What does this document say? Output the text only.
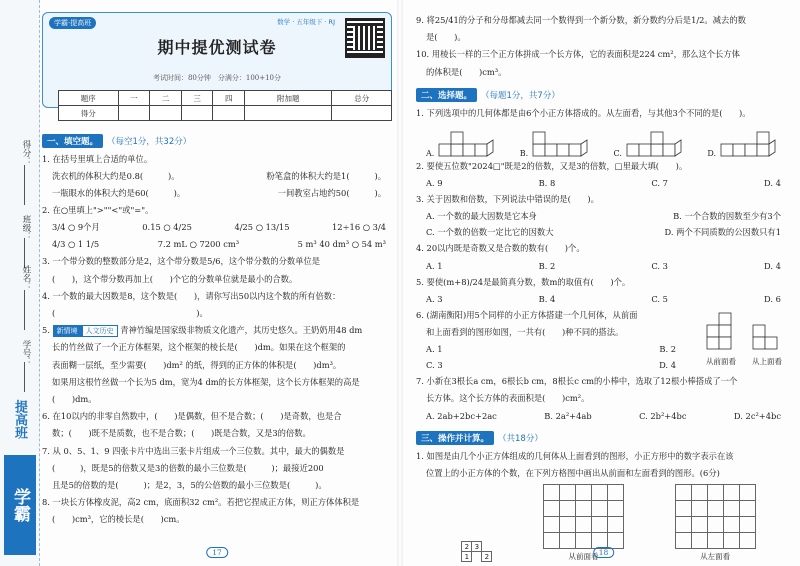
得分：
班级：
姓名：
学号：
提高班
学霸
学霸·提高班	数学 · 五年级下 · RJ
期中提优测试卷
考试时间：80分钟　分满分：100+10分
题序	一	二	三	四	附加题	总分
得分						
一、填空题。	（每空1分，共32分）
1. 在括号里填上合适的单位。
洗衣机的体积大约是0.8(　　　)。	粉笔盒的体积大约是1(　　　)。
一瓶眼水的体积大约是60(　　　)。	一间教室占地约50(　　　)。
2. 在○里填上">""<"或"="。
3/4 ○ 9个月	0.15 ○ 4/25	4/25 ○ 13/15	12÷16 ○ 3/4
4/3 ○ 1 1/5	7.2 mL ○ 7200 cm³	5 m³ 40 dm³ ○ 54 m³
3. 一个带分数的整数部分是2，这个带分数是5/6，这个带分数的分数单位是
(　　)，这个带分数再加上(　　)个它的分数单位就是最小的合数。
4. 一个数的最大因数是8，这个数是(　　)，请你写出50以内这个数的所有倍数：
(　　　　　　　　　　　　　　　　　)。
5. 新情境 人文历史 青神竹编是国家级非物质文化遗产，其历史悠久。王奶奶用48 dm
长的竹丝做了一个正方体框架，这个框架的棱长是(　　)dm。如果在这个框架的
表面糊一层纸，至少需要(　　)dm² 的纸，得到的正方体的体积是(　　)dm³。
如果用这根竹丝做一个长为5 dm，宽为4 dm的长方体框架，这个长方体框架的高是
(　　)dm。
6. 在10以内的非零自然数中，(　　)是偶数，但不是合数；(　　)是奇数，也是合
数；(　　)既不是质数，也不是合数；(　　)既是合数，又是3的倍数。
7. 从 0、5、1、9 四张卡片中选出三张卡片组成一个三位数。其中，最大的偶数是
(　　　)，既是5的倍数又是3的倍数的最小三位数是(　　　)；最接近200
且是5的倍数的是(　　　)；是2，3，5的公倍数的最小三位数是(　　　)。
8. 一块长方体橡皮泥，高2 cm，底面积32 cm²。若把它捏成正方体，则正方体体积是
(　　)cm³，它的棱长是(　　)cm。
17
9. 将25/41的分子和分母都减去同一个数得到一个新分数，新分数约分后是1/2。减去的数
是(　　)。
10. 用棱长一样的三个正方体拼成一个长方体，它的表面积是224 cm²，那么这个长方体
的体积是(　　)cm³。
二、选择题。	（每题1分，共7分）
1. 下列选项中的几何体都是由6个小正方体搭成的。从左面看，与其他3个不同的是(　　)。
A.	B.	C.	D.
2. 要使五位数"2024□"既是2的倍数，又是3的倍数，□里最大填(　　)。
A. 9	B. 8	C. 7	D. 4
3. 关于因数和倍数，下列说法中错误的是(　　)。
A. 一个数的最大因数是它本身	B. 一个合数的因数至少有3个
C. 一个数的倍数一定比它的因数大	D. 两个不同质数的公因数只有1
4. 20以内既是奇数又是合数的数有(　　)个。
A. 1	B. 2	C. 3	D. 4
5. 要使(m+8)/24是最简真分数，数m的取值有(　　)个。
A. 3	B. 4	C. 5	D. 6
6. (湖南衡阳)用5个同样的小正方体搭建一个几何体，从前面
和上面看到的图形如图，一共有(　　)种不同的搭法。
A. 1	B. 2
C. 3	D. 4	从前面看	从上面看
7. 小新在3根长a cm，6根长b cm，8根长c cm的小棒中，选取了12根小棒搭成了一个
长方体。这个长方体的表面积是(　　)cm²。
A. 2ab+2bc+2ac	B. 2a²+4ab	C. 2b²+4bc	D. 2c²+4bc
三、操作并计算。	（共18分）
1. 如图是由几个小正方体组成的几何体从上面看到的图形，小正方形中的数字表示在该
位置上的小正方体的个数，在下列方格图中画出从前面和左面看到的图形。(6分)
2	3	
1		2

					从前面看

					从左面看
18
